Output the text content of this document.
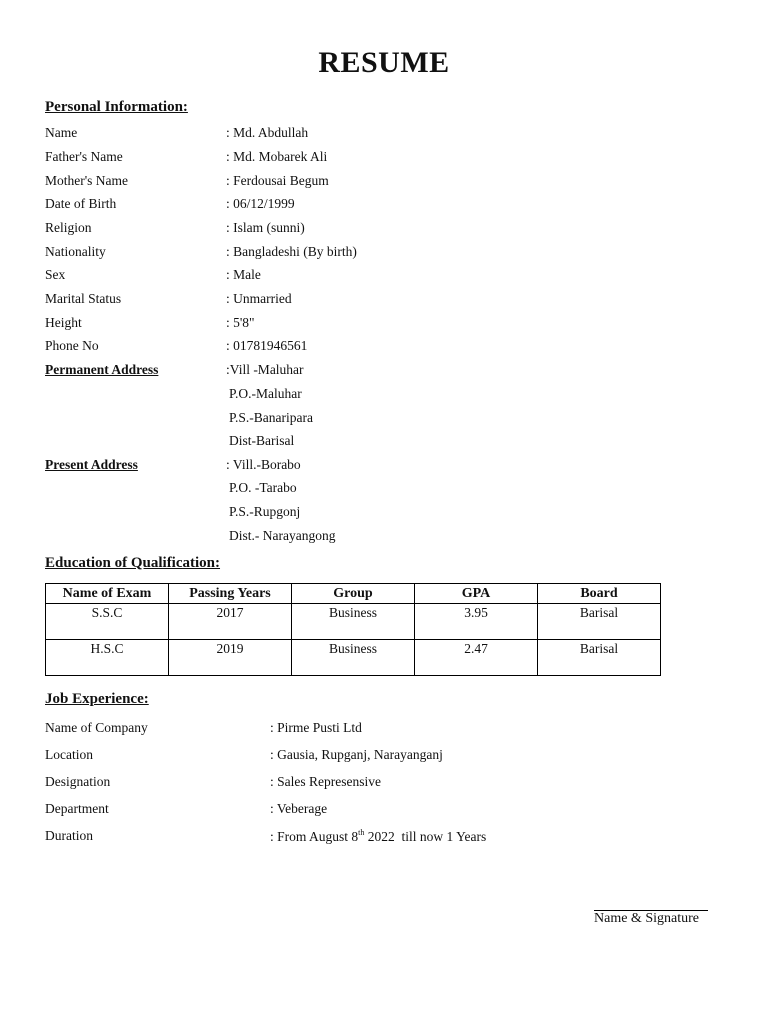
RESUME
Personal Information:
Name	: Md. Abdullah
Father's Name	: Md. Mobarek Ali
Mother's Name	: Ferdousai Begum
Date of Birth	: 06/12/1999
Religion	: Islam (sunni)
Nationality	: Bangladeshi (By birth)
Sex	: Male
Marital Status	: Unmarried
Height	: 5'8"
Phone No	: 01781946561
Permanent Address	:Vill -Maluhar
P.O.-Maluhar
P.S.-Banaripara
Dist-Barisal
Present Address	: Vill.-Borabo
P.O. -Tarabo
P.S.-Rupgonj
Dist.- Narayangong
Education of Qualification:
Name of Exam	Passing Years	Group	GPA	Board
S.S.C	2017	Business	3.95	Barisal
H.S.C	2019	Business	2.47	Barisal
Job Experience:
Name of Company	: Pirme Pusti Ltd
Location	: Gausia, Rupganj, Narayanganj
Designation	: Sales Represensive
Department	: Veberage
Duration	: From August 8th 2022  till now 1 Years
Name & Signature
